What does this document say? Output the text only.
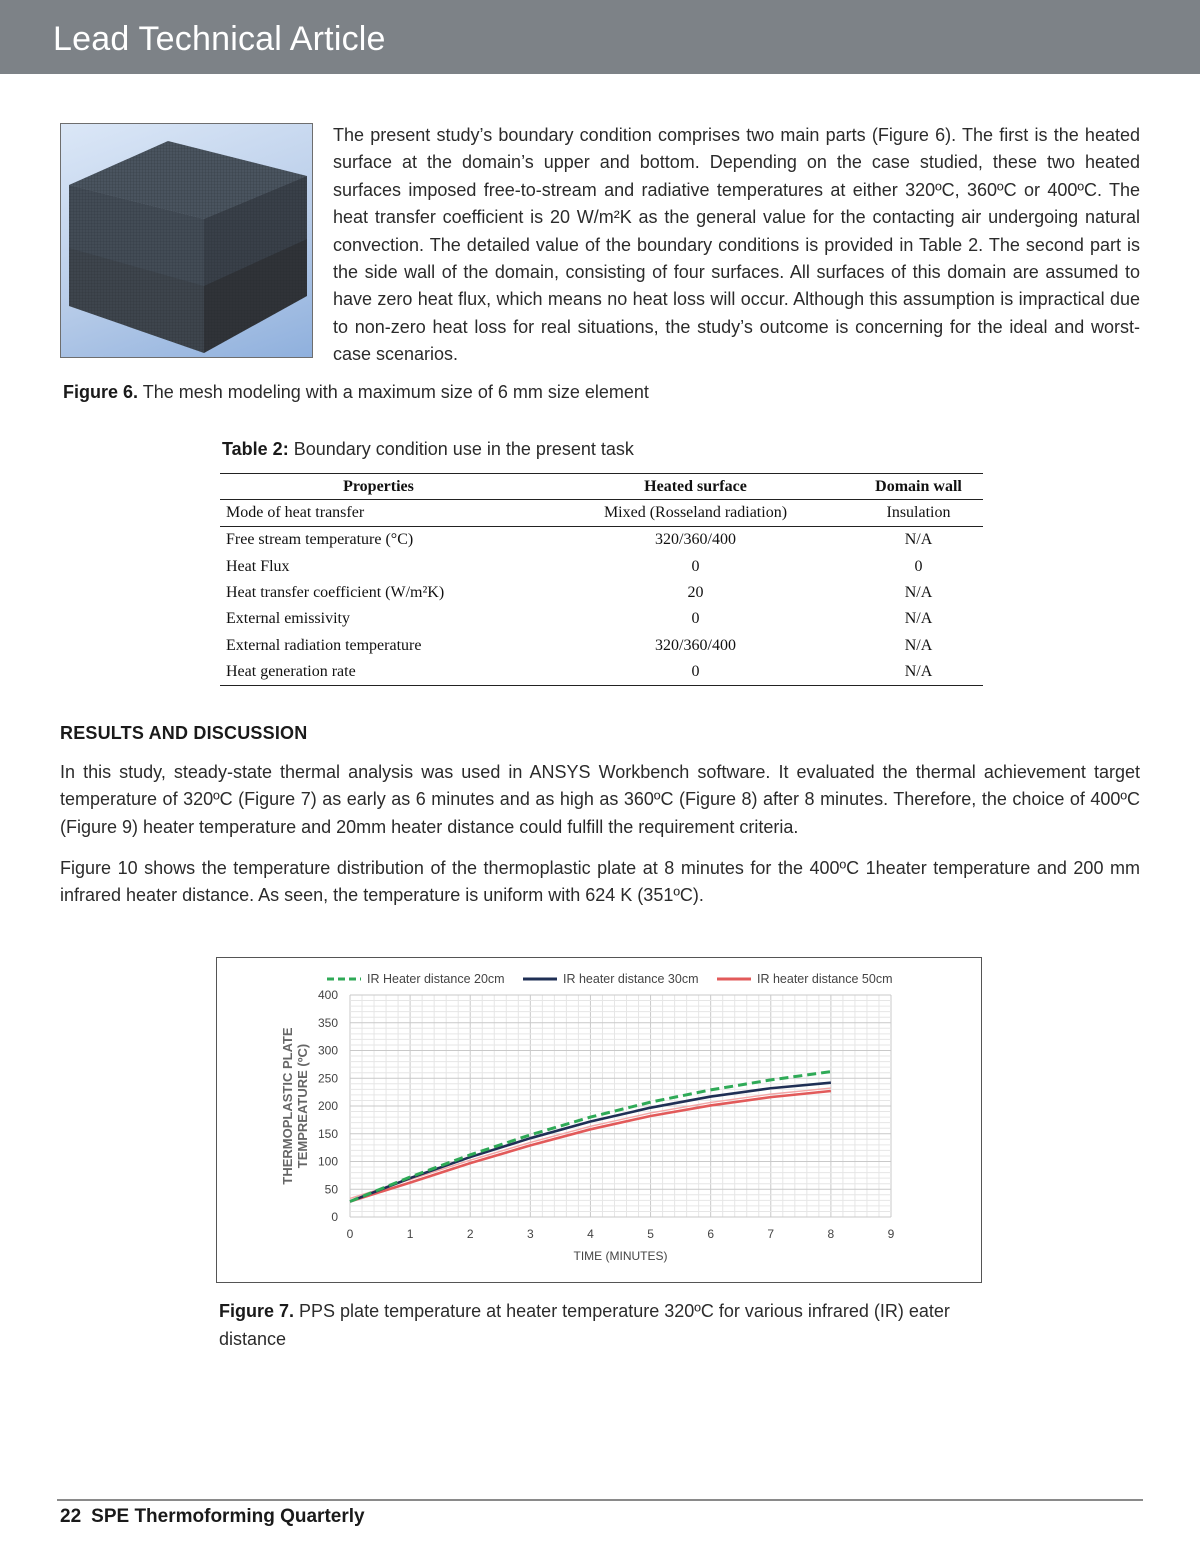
Lead Technical Article

The present study’s boundary condition comprises two main parts (Figure 6). The first is the heated surface at the domain’s upper and bottom. Depending on the case studied, these two heated surfaces imposed free-to-stream and radiative temperatures at either 320ºC, 360ºC or 400ºC. The heat transfer coefficient is 20 W/m²K as the general value for the contacting air undergoing natural convection. The detailed value of the boundary conditions is provided in Table 2. The second part is the side wall of the domain, consisting of four surfaces. All surfaces of this domain are assumed to have zero heat flux, which means no heat loss will occur. Although this assumption is impractical due to non-zero heat loss for real situations, the study’s outcome is concerning for the ideal and worst-case scenarios.

Figure 6. The mesh modeling with a maximum size of 6 mm size element

Table 2: Boundary condition use in the present task

Properties	Heated surface	Domain wall
Mode of heat transfer	Mixed (Rosseland radiation)	Insulation
Free stream temperature (°C)	320/360/400	N/A
Heat Flux	0	0
Heat transfer coefficient (W/m²K)	20	N/A
External emissivity	0	N/A
External radiation temperature	320/360/400	N/A
Heat generation rate	0	N/A
RESULTS AND DISCUSSION

In this study, steady-state thermal analysis was used in ANSYS Workbench software. It evaluated the thermal achievement target temperature of 320ºC (Figure 7) as early as 6 minutes and as high as 360ºC (Figure 8) after 8 minutes. Therefore, the choice of 400ºC (Figure 9) heater temperature and 20mm heater distance could fulfill the requirement criteria.

Figure 10 shows the temperature distribution of the thermoplastic plate at 8 minutes for the 400ºC 1heater temperature and 200 mm infrared heater distance. As seen, the temperature is uniform with 624 K (351ºC).

0	1	2	3	4	5	6	7	8	9
0
50
100
150
200
250
300
350
400
TIME (MINUTES)
THERMOPLASTIC PLATE TEMPREATURE (ºC)
IR Heater distance 20cm	IR heater distance 30cm	IR heater distance 50cm

Figure 7. PPS plate temperature at heater temperature 320ºC for various infrared (IR) eater distance

22 SPE Thermoforming Quarterly
